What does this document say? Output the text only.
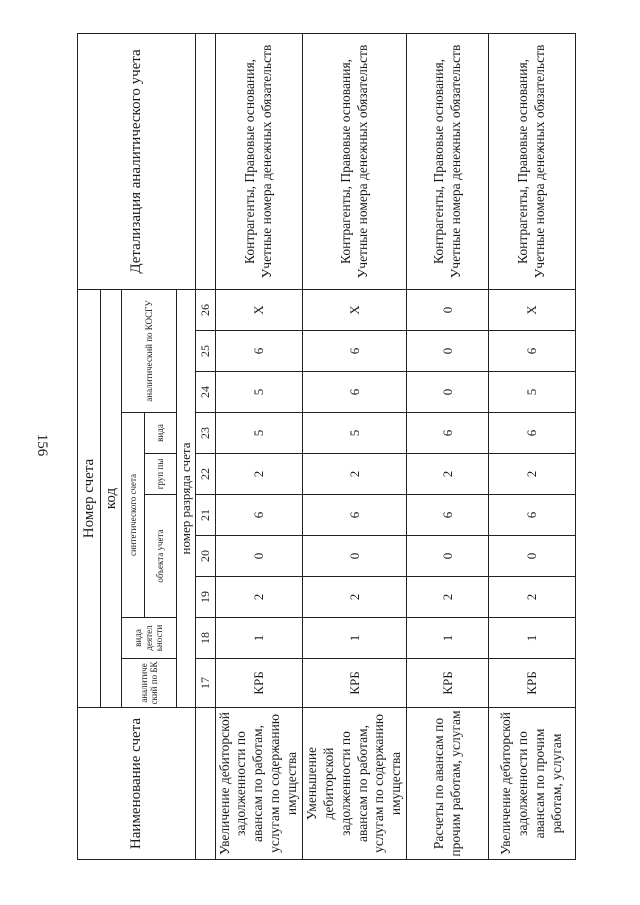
156
Наименование счета	Номер счета										Детализация аналитического учета
	код										
	аналитиче ский по БК	вида деятел ьности	синтетического счета					аналитический по КОСГУ			
			объекта учета			груп пы	вида				
	номер разряда счета										
	17	18	19	20	21	22	23	24	25	26	
Увеличение дебиторской задолженности по авансам по работам, услугам по содержанию имущества	КРБ	1	2	0	6	2	5	5	6	Х	Контрагенты, Правовые основания, Учетные номера денежных обязательств
Уменьшение дебиторской задолженности по авансам по работам, услугам по содержанию имущества	КРБ	1	2	0	6	2	5	6	6	Х	Контрагенты, Правовые основания, Учетные номера денежных обязательств
Расчеты по авансам по прочим работам, услугам	КРБ	1	2	0	6	2	6	0	0	0	Контрагенты, Правовые основания, Учетные номера денежных обязательств
Увеличение дебиторской задолженности по авансам по прочим работам, услугам	КРБ	1	2	0	6	2	6	5	6	Х	Контрагенты, Правовые основания, Учетные номера денежных обязательств
